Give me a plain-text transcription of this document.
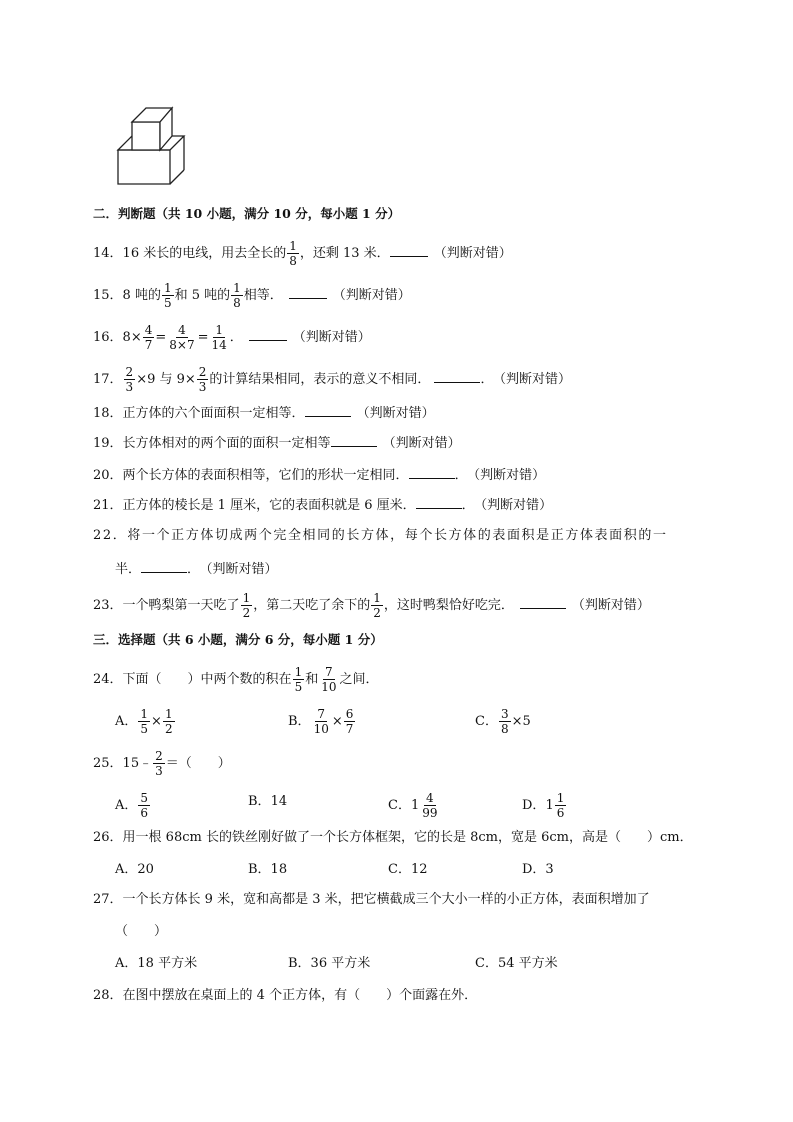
二．判断题（共 10 小题，满分 10 分，每小题 1 分）
14．16 米长的电线，用去全长的 $\frac{1}{8}$ ，还剩 13 米．	（判断对错）
15．8 吨的 $\frac{1}{5}$ 和 5 吨的 $\frac{1}{8}$ 相等．	（判断对错）
16．$8\times \frac{4}{7} = \frac{4}{8\times 7} = \frac{1}{14}$ ．	（判断对错）
17． $\frac{2}{3} \times 9$ 与 $9\times \frac{2}{3}$ 的计算结果相同，表示的意义不相同．	． （判断对错）
18．正方体的六个面面积一定相等．	（判断对错）
19．长方体相对的两个面的面积一定相等	（判断对错）
20．两个长方体的表面积相等，它们的形状一定相同．	． （判断对错）
21．正方体的棱长是 1 厘米，它的表面积就是 6 厘米．	． （判断对错）
22．将一个正方体切成两个完全相同的长方体，每个长方体的表面积是正方体表面积的一
半．	． （判断对错）
23．一个鸭梨第一天吃了 $\frac{1}{2}$ ，第二天吃了余下的 $\frac{1}{2}$ ，这时鸭梨恰好吃完．	（判断对错）
三．选择题（共 6 小题，满分 6 分，每小题 1 分）
24．下面（　　）中两个数的积在 $\frac{1}{5}$ 和 $\frac{7}{10}$ 之间．
A． $\frac{1}{5} \times \frac{1}{2}$	B． $\frac{7}{10} \times \frac{6}{7}$	C． $\frac{3}{8} \times 5$
25．15﹣ $\frac{2}{3}$ ＝（　　）
A． $\frac{5}{6}$	B．14	C．$1 \frac{4}{99}$	D．$1 \frac{1}{6}$
26．用一根 68cm 长的铁丝刚好做了一个长方体框架，它的长是 8cm，宽是 6cm，高是（　　）cm．
A．20	B．18	C．12	D．3
27．一个长方体长 9 米，宽和高都是 3 米，把它横截成三个大小一样的小正方体，表面积增加了
（　　）
A．18 平方米	B．36 平方米	C．54 平方米
28．在图中摆放在桌面上的 4 个正方体，有（　　）个面露在外．
